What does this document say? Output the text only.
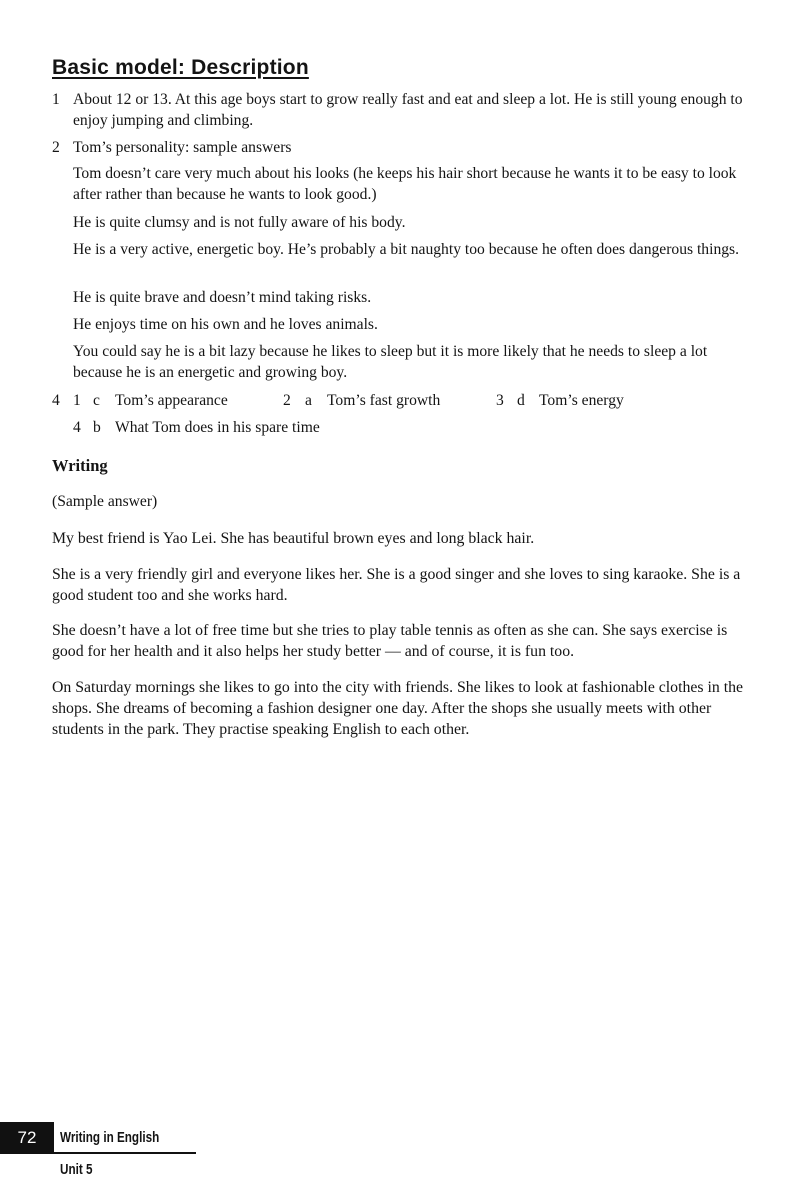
Basic model: Description
1 About 12 or 13. At this age boys start to grow really fast and eat and sleep a lot. He is still young enough to enjoy jumping and climbing.
2 Tom’s personality: sample answers

Tom doesn’t care very much about his looks (he keeps his hair short because he wants it to be easy to look after rather than because he wants to look good.)

He is quite clumsy and is not fully aware of his body.

He is a very active, energetic boy. He’s probably a bit naughty too because he often does dangerous things.

He is quite brave and doesn’t mind taking risks.

He enjoys time on his own and he loves animals.

You could say he is a bit lazy because he likes to sleep but it is more likely that he needs to sleep a lot because he is an energetic and growing boy.

4 1 c Tom’s appearance	2 a Tom’s fast growth	3 d Tom’s energy
4 b What Tom does in his spare time
Writing

(Sample answer)

My best friend is Yao Lei. She has beautiful brown eyes and long black hair.

She is a very friendly girl and everyone likes her. She is a good singer and she loves to sing karaoke. She is a good student too and she works hard.

She doesn’t have a lot of free time but she tries to play table tennis as often as she can. She says exercise is good for her health and it also helps her study better — and of course, it is fun too.

On Saturday mornings she likes to go into the city with friends. She likes to look at fashionable clothes in the shops. She dreams of becoming a fashion designer one day. After the shops she usually meets with other students in the park. They practise speaking English to each other.

72	Writing in English Unit 5
